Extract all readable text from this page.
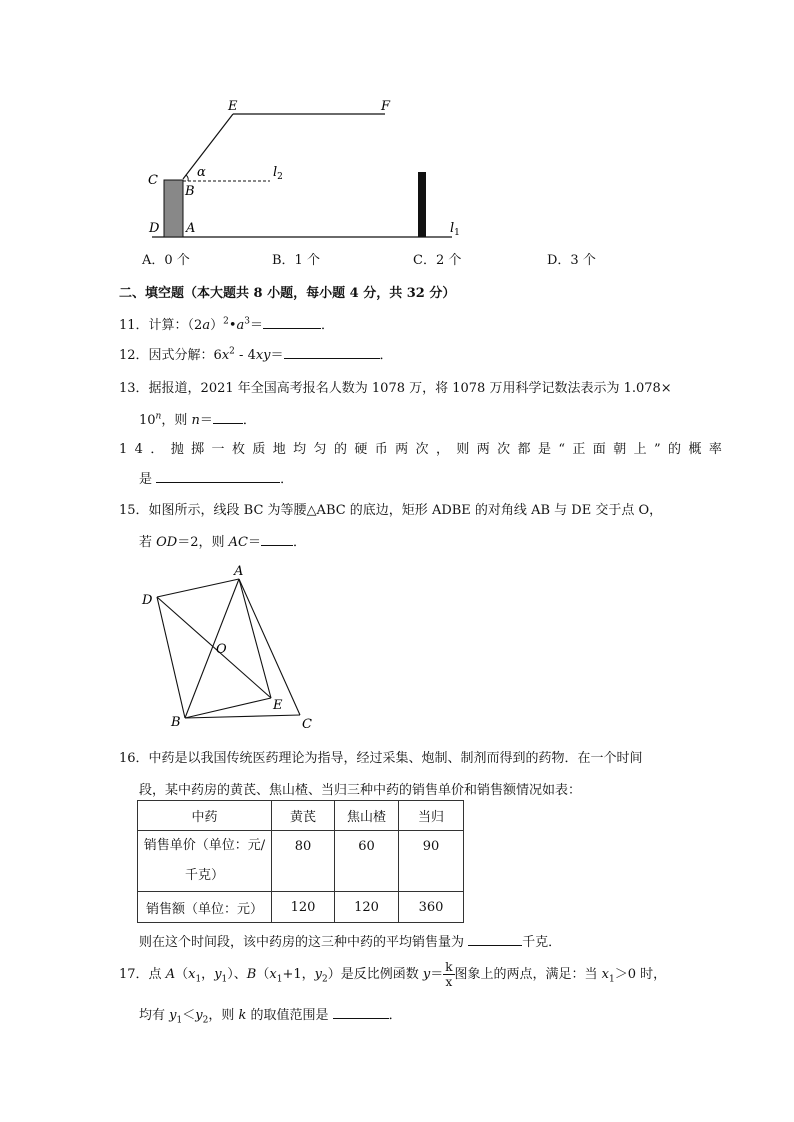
E	F
α	$l_2$
C
B
D A	$l_1$
A．0 个	B．1 个	C．2 个	D．3 个
二、填空题（本大题共 8 小题，每小题 4 分，共 32 分）
11．计算：$(2a)^2•a^3=$	．
12．因式分解：$6x^2$ ‑ 4xy＝	．
13．据报道，2021 年全国高考报名人数为 1078 万，将 1078 万用科学记数法表示为 1.078×
$10^n$，则 n＝ ．
14．抛掷一枚质地均匀的硬币两次，则两次都是“正面朝上”的概率
是	．
15．如图所示，线段 BC 为等腰△ABC 的底边，矩形 ADBE 的对角线 AB 与 DE 交于点 O，
若 OD＝2，则 AC＝ ．
A
D
O
E
B	C
16．中药是以我国传统医药理论为指导，经过采集、炮制、制剂而得到的药物．在一个时间
段，某中药房的黄芪、焦山楂、当归三种中药的销售单价和销售额情况如表：
中药	黄芪	焦山楂	当归

销售单价（单位：元/
千克）	80	60	90
销售额（单位：元）	120	120	360
则在这个时间段，该中药房的这三种中药的平均销售量为	千克．
17．点 $A(x_1$，$y_1$）、$B(x_1+1$，$y_2$）是反比例函数 $y= \frac{k}{x}$ 图象上的两点，满足：当 $x_1>0$ 时，
均有 $y_1<y_2$，则 k 的取值范围是	．
